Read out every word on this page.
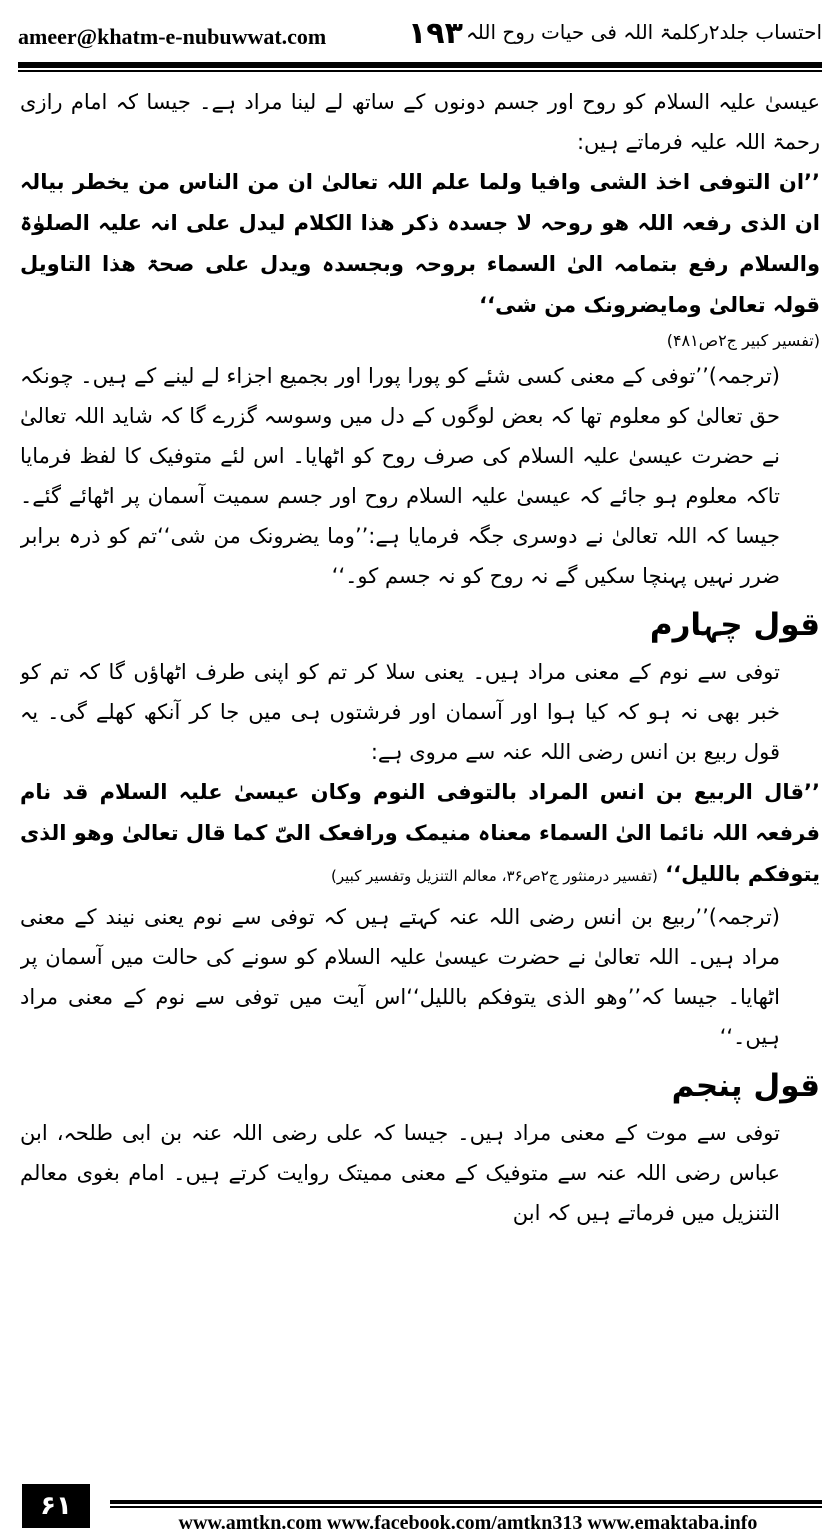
ameer@khatm-e-nubuwwat.com	۱۹۳ احتساب جلد۲رکلمۃ اللہ فی حیات روح اللہ

عیسیٰ علیہ السلام کو روح اور جسم دونوں کے ساتھ لے لینا مراد ہے۔ جیسا کہ امام رازی رحمۃ اللہ علیہ فرماتے ہیں:

’’ان التوفی اخذ الشی وافیا ولما علم اللہ تعالیٰ ان من الناس من یخطر بیالہ ان الذی رفعہ اللہ ھو روحہ لا جسدہ ذکر ھذا الکلام لیدل علی انہ علیہ الصلوٰۃ والسلام رفع بتمامہ الیٰ السماء بروحہ وبجسدہ ویدل علی صحۃ ھذا التاویل قولہ تعالیٰ ومایضرونک من شی‘‘

(تفسیر کبیر ج۲ص۴۸۱)

(ترجمہ)’’توفی کے معنی کسی شئے کو پورا پورا اور بجمیع اجزاء لے لینے کے ہیں۔ چونکہ حق تعالیٰ کو معلوم تھا کہ بعض لوگوں کے دل میں وسوسہ گزرے گا کہ شاید اللہ تعالیٰ نے حضرت عیسیٰ علیہ السلام کی صرف روح کو اٹھایا۔ اس لئے متوفیک کا لفظ فرمایا تاکہ معلوم ہو جائے کہ عیسیٰ علیہ السلام روح اور جسم سمیت آسمان پر اٹھائے گئے۔ جیسا کہ اللہ تعالیٰ نے دوسری جگہ فرمایا ہے:’’وما یضرونک من شی‘‘تم کو ذرہ برابر ضرر نہیں پہنچا سکیں گے نہ روح کو نہ جسم کو۔‘‘

قول چہارم

توفی سے نوم کے معنی مراد ہیں۔ یعنی سلا کر تم کو اپنی طرف اٹھاؤں گا کہ تم کو خبر بھی نہ ہو کہ کیا ہوا اور آسمان اور فرشتوں ہی میں جا کر آنکھ کھلے گی۔ یہ قول ربیع بن انس رضی اللہ عنہ سے مروی ہے:

’’قال الربیع بن انس المراد بالتوفی النوم وکان عیسیٰ علیہ السلام قد نام فرفعہ اللہ نائما الیٰ السماء معناہ منیمک ورافعک الیّ کما قال تعالیٰ وھو الذی یتوفکم باللیل‘‘ (تفسیر درمنثور ج۲ص۳۶، معالم التنزیل وتفسیر کبیر)

(ترجمہ)’’ربیع بن انس رضی اللہ عنہ کہتے ہیں کہ توفی سے نوم یعنی نیند کے معنی مراد ہیں۔ اللہ تعالیٰ نے حضرت عیسیٰ علیہ السلام کو سونے کی حالت میں آسمان پر اٹھایا۔ جیسا کہ’’وھو الذی یتوفکم باللیل‘‘اس آیت میں توفی سے نوم کے معنی مراد ہیں۔‘‘

قول پنجم

توفی سے موت کے معنی مراد ہیں۔ جیسا کہ علی رضی اللہ عنہ بن ابی طلحہ، ابن عباس رضی اللہ عنہ سے متوفیک کے معنی ممیتک روایت کرتے ہیں۔ امام بغوی معالم التنزیل میں فرماتے ہیں کہ ابن

۶۱
www.amtkn.com www.facebook.com/amtkn313 www.emaktaba.info
